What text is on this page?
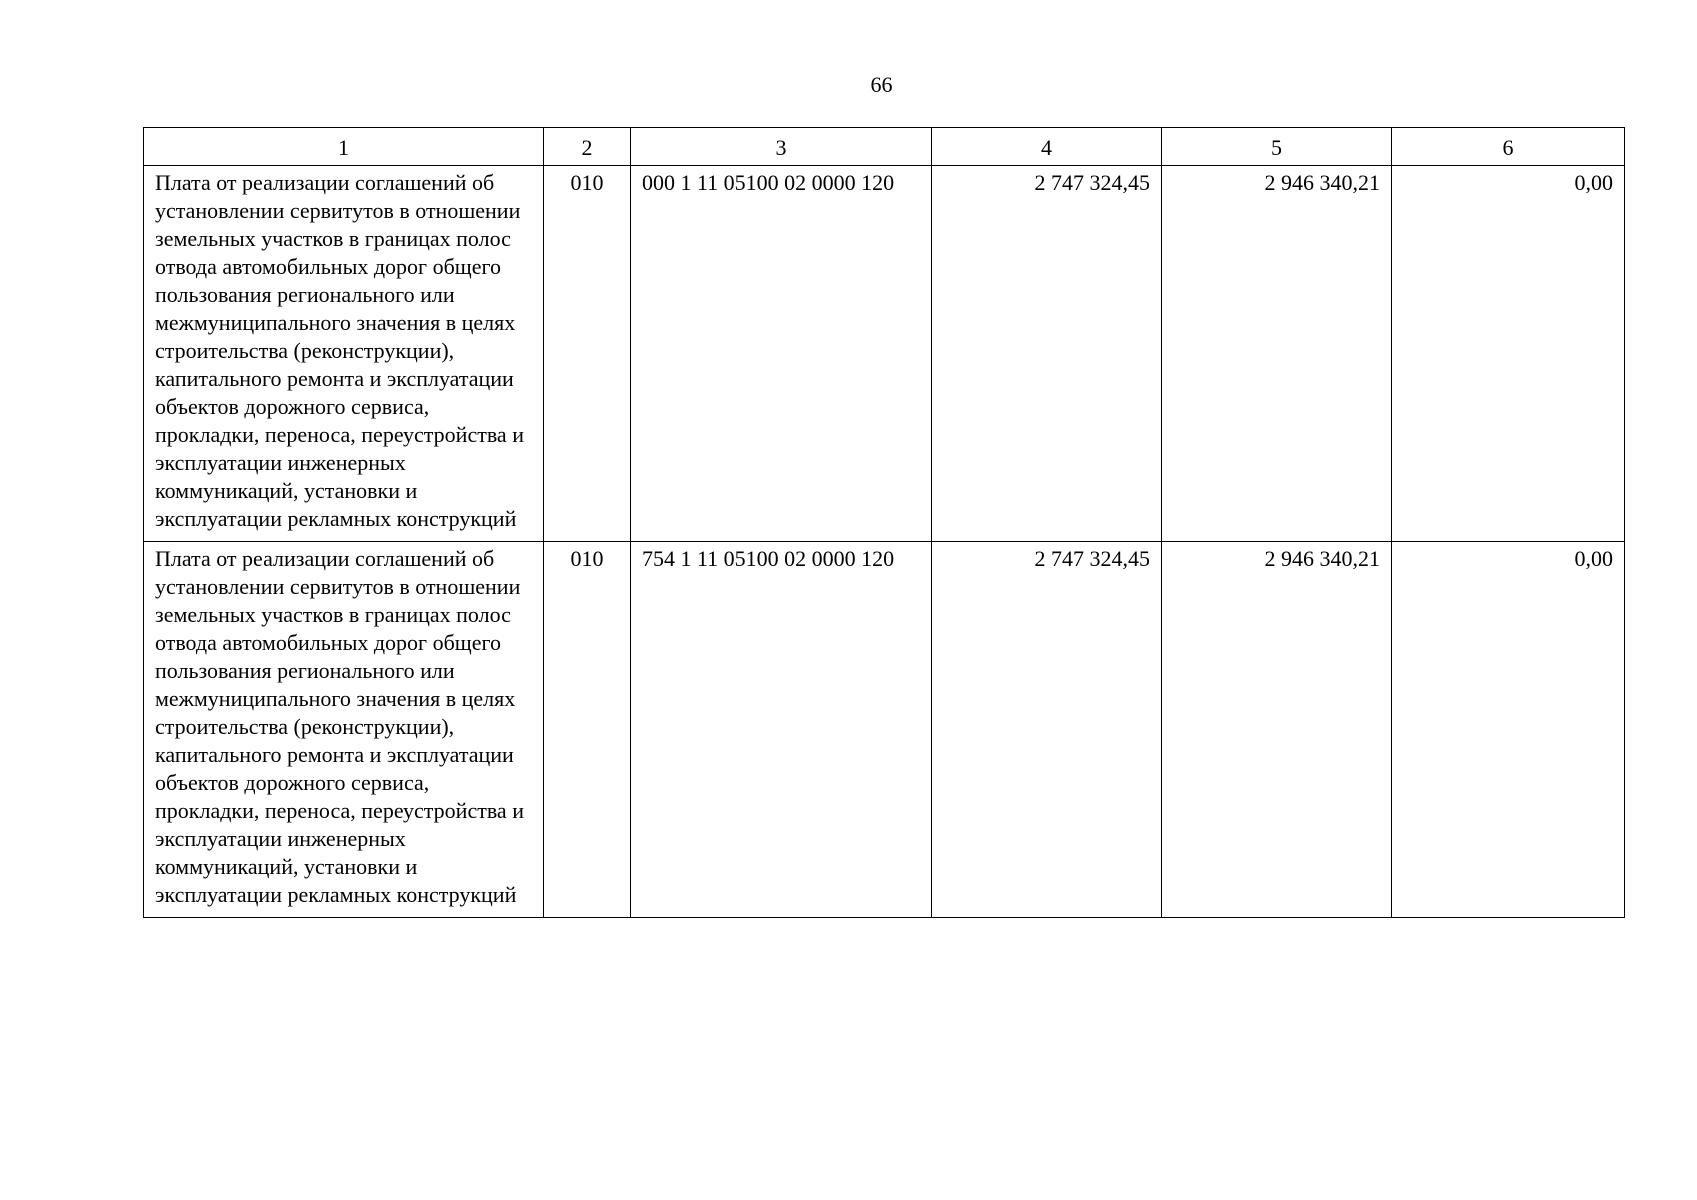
66
1	2	3	4	5	6

Плата от реализации соглашений об установлении сервитутов в отношении земельных участков в границах полос отвода автомобильных дорог общего пользования регионального или межмуниципального значения в целях строительства (реконструкции), капитального ремонта и эксплуатации объектов дорожного сервиса, прокладки, переноса, переустройства и эксплуатации инженерных коммуникаций, установки и эксплуатации рекламных конструкций	010	000 1 11 05100 02 0000 120	2 747 324,45	2 946 340,21	0,00

Плата от реализации соглашений об установлении сервитутов в отношении земельных участков в границах полос отвода автомобильных дорог общего пользования регионального или межмуниципального значения в целях строительства (реконструкции), капитального ремонта и эксплуатации объектов дорожного сервиса, прокладки, переноса, переустройства и эксплуатации инженерных коммуникаций, установки и эксплуатации рекламных конструкций	010	754 1 11 05100 02 0000 120	2 747 324,45	2 946 340,21	0,00
